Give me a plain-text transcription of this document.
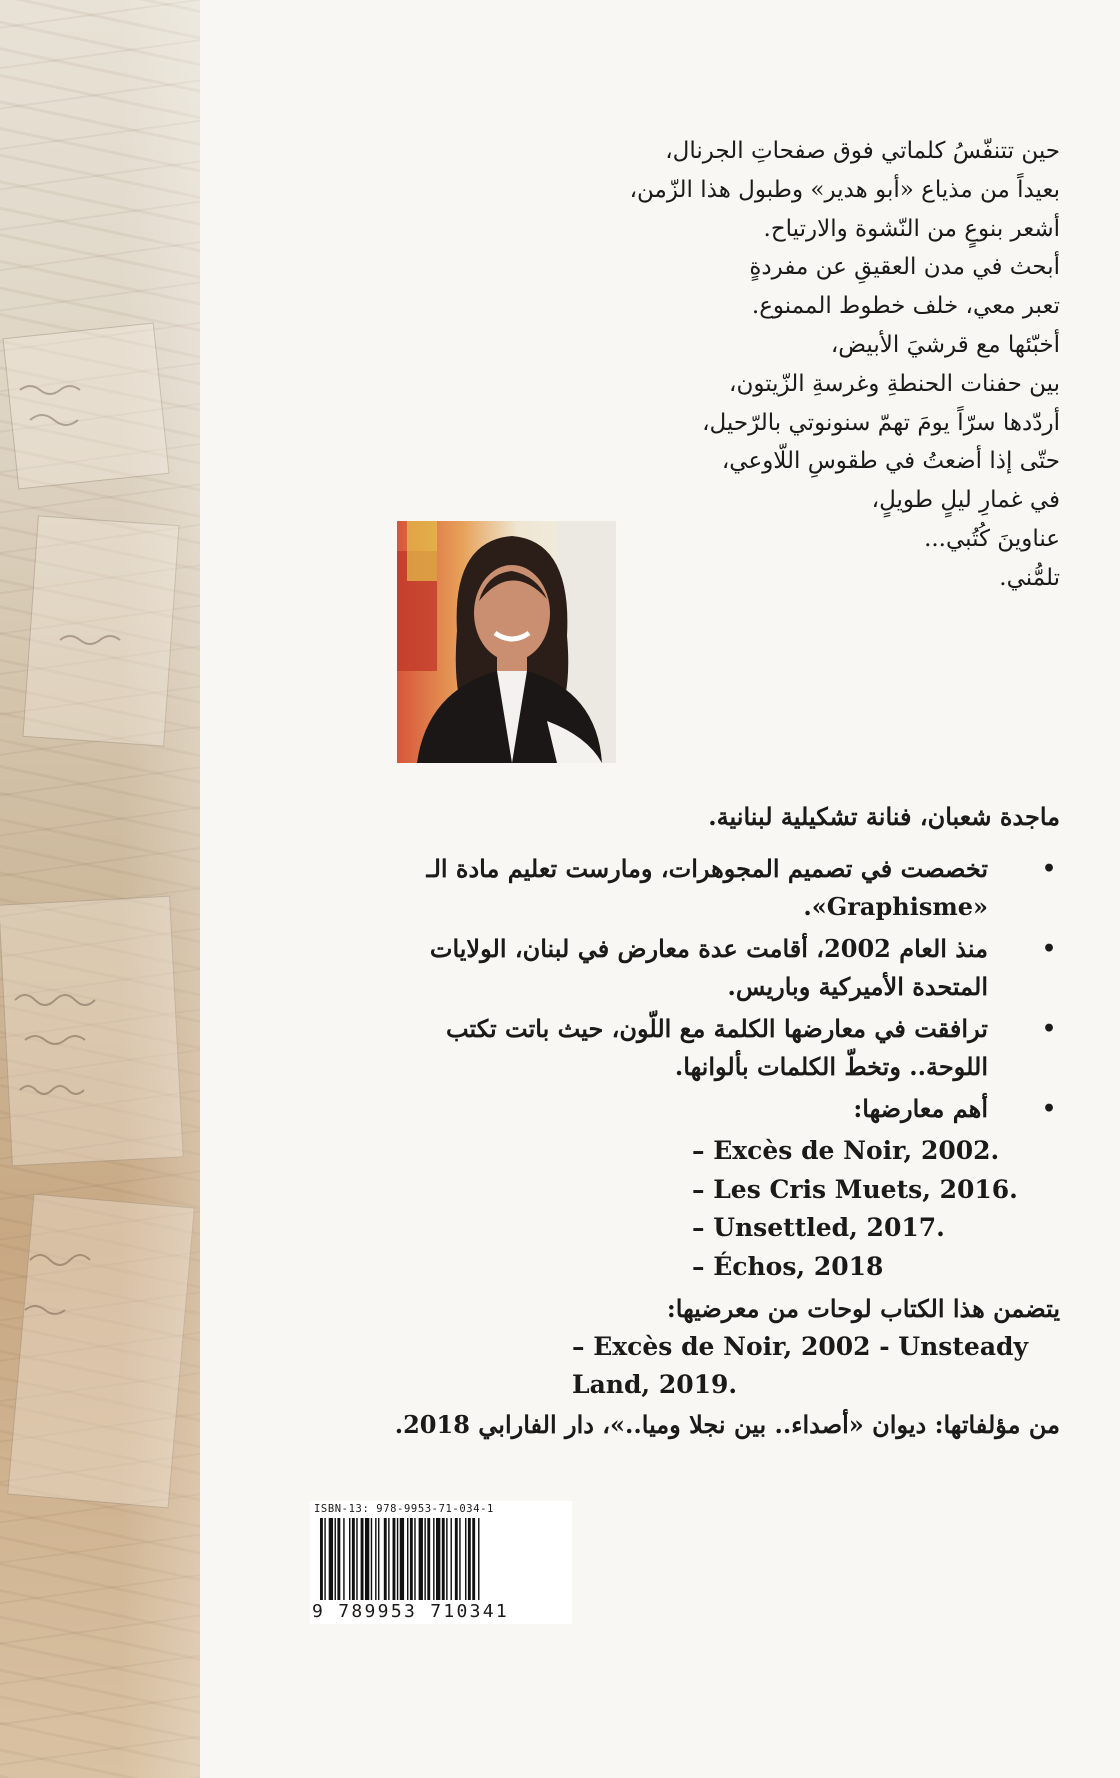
حين تتنفّسُ كلماتي فوق صفحاتِ الجرنال،
بعيداً من مذياع «أبو هدير» وطبول هذا الزّمن،
أشعر بنوعٍ من النّشوة والارتياح.
أبحث في مدن العقيقِ عن مفردةٍ
تعبر معي، خلف خطوط الممنوع.
أخبّئها مع قرشيَ الأبيض،
بين حفنات الحنطةِ وغرسةِ الزّيتون،
أردّدها سرّاً يومَ تهمّ سنونوتي بالرّحيل،
حتّى إذا أضعتُ في طقوسِ اللّاوعي،
في غمارِ ليلٍ طويلٍ،
عناوينَ كُتُبي...
تلمُّني.
ماجدة شعبان، فنانة تشكيلية لبنانية.
•
تخصصت في تصميم المجوهرات، ومارست تعليم مادة الـ «Graphisme».
•
منذ العام 2002، أقامت عدة معارض في لبنان، الولايات المتحدة الأميركية وباريس.
•
ترافقت في معارضها الكلمة مع اللّون، حيث باتت تكتب اللوحة.. وتخطّ الكلمات بألوانها.
•
أهم معارضها:
– Excès de Noir, 2002.
– Les Cris Muets, 2016.
– Unsettled, 2017.
– Échos, 2018
يتضمن هذا الكتاب لوحات من معرضيها:
– Excès de Noir, 2002 - Unsteady Land, 2019.
من مؤلفاتها: ديوان «أصداء.. بين نجلا وميا..»، دار الفارابي 2018.
ISBN-13: 978-9953-71-034-1
9 789953 710341
